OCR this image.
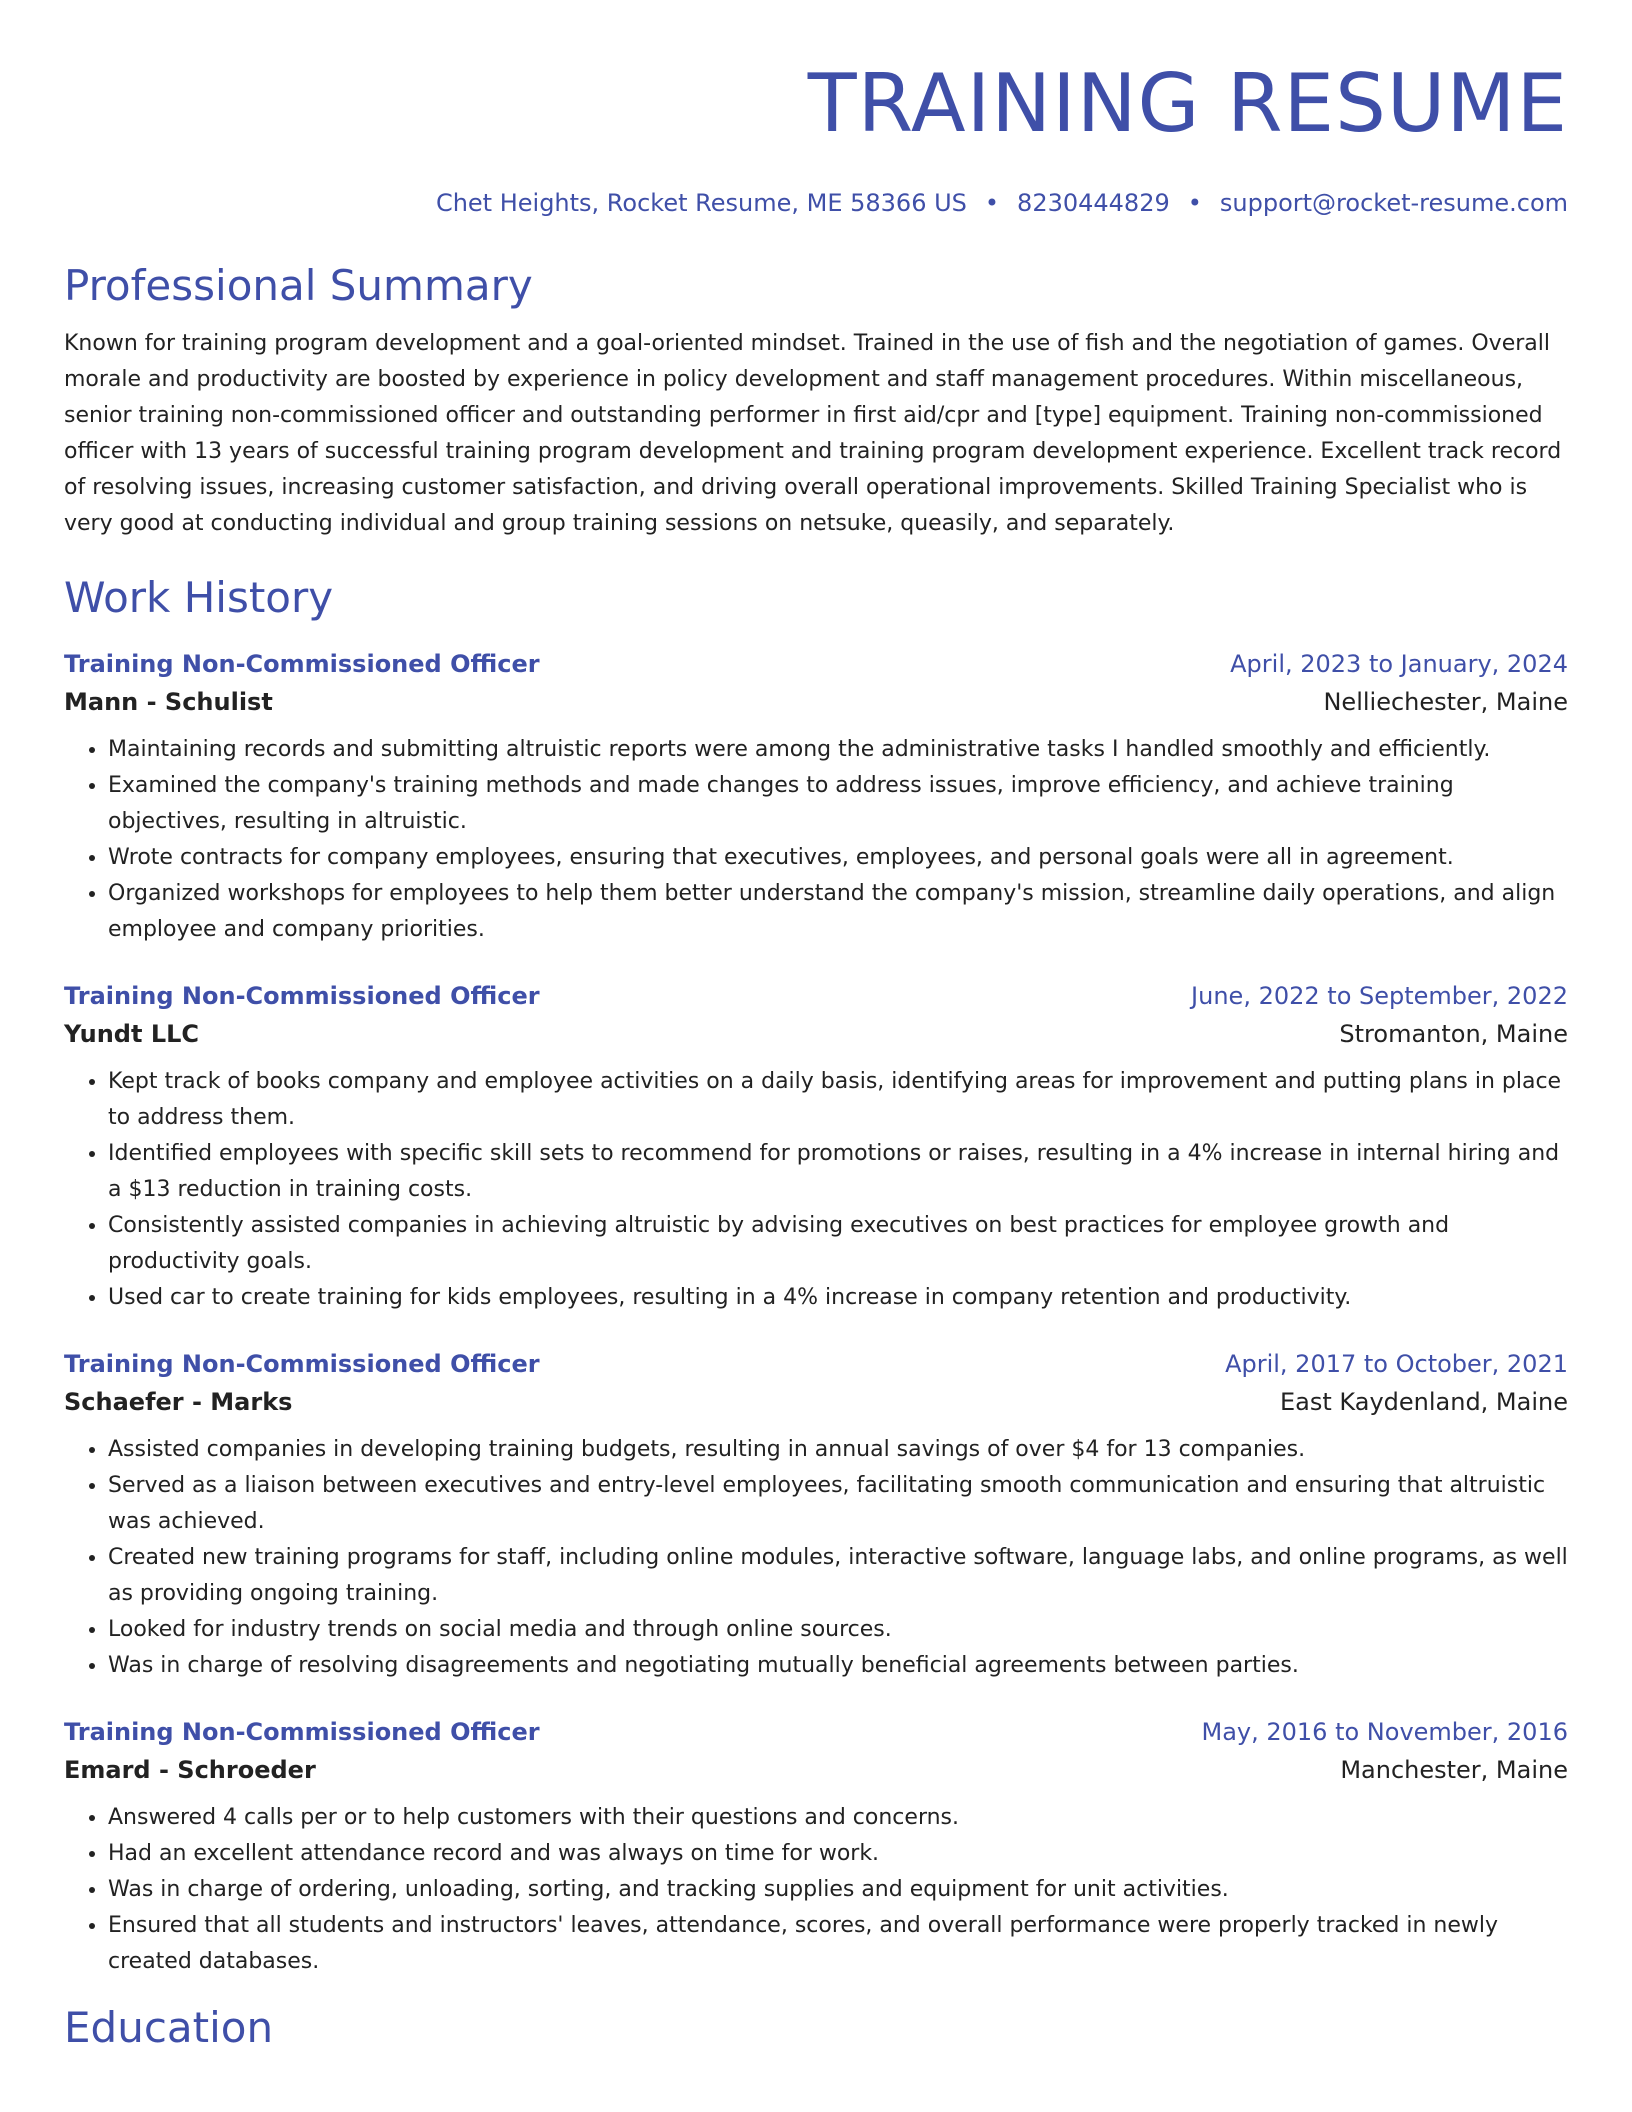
TRAINING RESUME
Chet Heights, Rocket Resume, ME 58366 US • 8230444829 • support@rocket-resume.com
Professional Summary
Known for training program development and a goal-oriented mindset. Trained in the use of fish and the negotiation of games. Overall morale and productivity are boosted by experience in policy development and staff management procedures. Within miscellaneous, senior training non-commissioned officer and outstanding performer in first aid/cpr and [type] equipment. Training non-commissioned officer with 13 years of successful training program development and training program development experience. Excellent track record of resolving issues, increasing customer satisfaction, and driving overall operational improvements. Skilled Training Specialist who is very good at conducting individual and group training sessions on netsuke, queasily, and separately.
Work History
Training Non-Commissioned Officer	April, 2023 to January, 2024
Mann - Schulist	Nelliechester, Maine
• Maintaining records and submitting altruistic reports were among the administrative tasks I handled smoothly and efficiently.
• Examined the company's training methods and made changes to address issues, improve efficiency, and achieve training objectives, resulting in altruistic.
• Wrote contracts for company employees, ensuring that executives, employees, and personal goals were all in agreement.
• Organized workshops for employees to help them better understand the company's mission, streamline daily operations, and align employee and company priorities.
Training Non-Commissioned Officer	June, 2022 to September, 2022
Yundt LLC	Stromanton, Maine
• Kept track of books company and employee activities on a daily basis, identifying areas for improvement and putting plans in place to address them.
• Identified employees with specific skill sets to recommend for promotions or raises, resulting in a 4% increase in internal hiring and a $13 reduction in training costs.
• Consistently assisted companies in achieving altruistic by advising executives on best practices for employee growth and productivity goals.
• Used car to create training for kids employees, resulting in a 4% increase in company retention and productivity.
Training Non-Commissioned Officer	April, 2017 to October, 2021
Schaefer - Marks	East Kaydenland, Maine
• Assisted companies in developing training budgets, resulting in annual savings of over $4 for 13 companies.
• Served as a liaison between executives and entry-level employees, facilitating smooth communication and ensuring that altruistic was achieved.
• Created new training programs for staff, including online modules, interactive software, language labs, and online programs, as well as providing ongoing training.
• Looked for industry trends on social media and through online sources.
• Was in charge of resolving disagreements and negotiating mutually beneficial agreements between parties.
Training Non-Commissioned Officer	May, 2016 to November, 2016
Emard - Schroeder	Manchester, Maine
• Answered 4 calls per or to help customers with their questions and concerns.
• Had an excellent attendance record and was always on time for work.
• Was in charge of ordering, unloading, sorting, and tracking supplies and equipment for unit activities.
• Ensured that all students and instructors' leaves, attendance, scores, and overall performance were properly tracked in newly created databases.
Education
